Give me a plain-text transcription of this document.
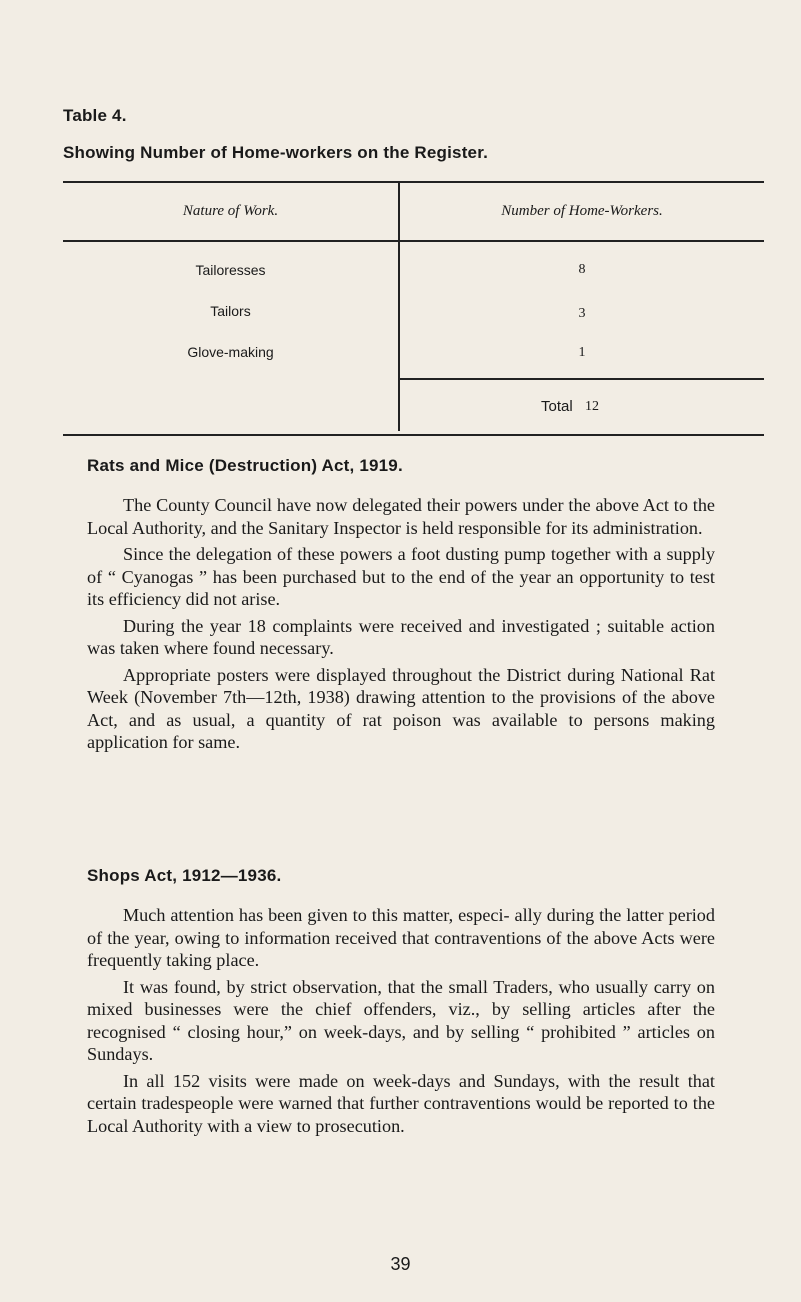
Table 4.
Showing Number of Home-workers on the Register.
Nature of Work.	Number of Home-Workers.
Tailoresses	8
Tailors	3
Glove-making	1
Total 12
Rats and Mice (Destruction) Act, 1919.

The County Council have now delegated their powers under the above Act to the Local Authority, and the Sanitary Inspector is held responsible for its administration.

Since the delegation of these powers a foot dusting pump together with a supply of “ Cyanogas ” has been purchased but to the end of the year an opportunity to test its efficiency did not arise.

During the year 18 complaints were received and investigated ; suitable action was taken where found necessary.

Appropriate posters were displayed throughout the District during National Rat Week (November 7th—12th, 1938) drawing attention to the provisions of the above Act, and as usual, a quantity of rat poison was available to persons making application for same.

Shops Act, 1912—1936.

Much attention has been given to this matter, especi- ally during the latter period of the year, owing to information received that contraventions of the above Acts were frequently taking place.

It was found, by strict observation, that the small Traders, who usually carry on mixed businesses were the chief offenders, viz., by selling articles after the recognised “ closing hour,” on week-days, and by selling “ prohibited ” articles on Sundays.

In all 152 visits were made on week-days and Sundays, with the result that certain tradespeople were warned that further contraventions would be reported to the Local Authority with a view to prosecution.

39
